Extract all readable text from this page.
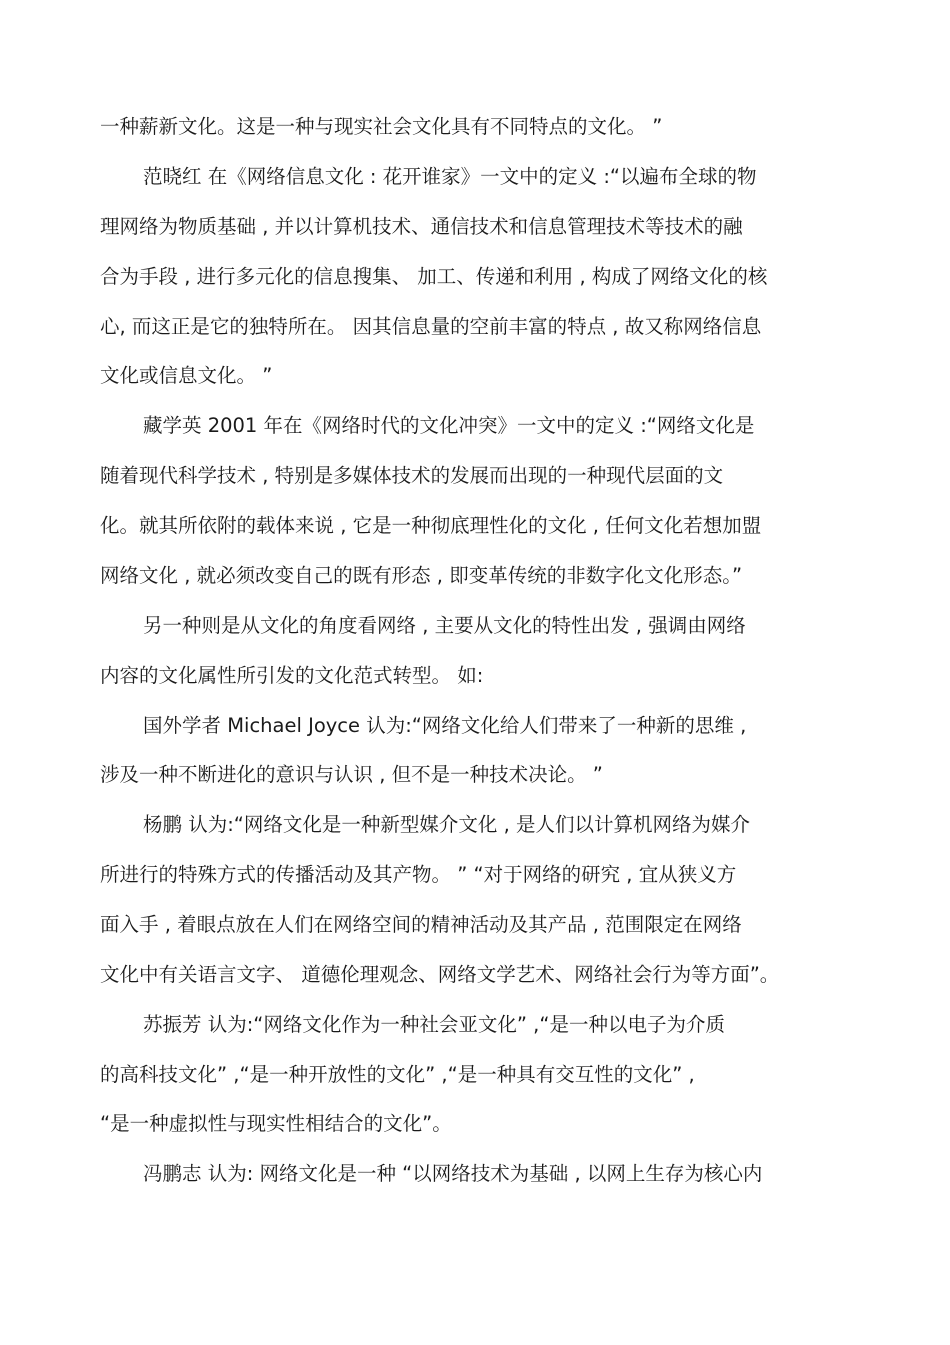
一种薪新文化。这是一种与现实社会文化具有不同特点的文化。 ”
范晓红 在《网络信息文化 : 花开谁家》一文中的定义 :“以遍布全球的物
理网络为物质基础 , 并以计算机技术、通信技术和信息管理技术等技术的融
合为手段 , 进行多元化的信息搜集、 加工、传递和利用 , 构成了网络文化的核
心, 而这正是它的独特所在。 因其信息量的空前丰富的特点 , 故又称网络信息
文化或信息文化。 ”
藏学英 2001 年在《网络时代的文化冲突》一文中的定义 :“网络文化是
随着现代科学技术 , 特别是多媒体技术的发展而出现的一种现代层面的文
化。就其所依附的载体来说 , 它是一种彻底理性化的文化 , 任何文化若想加盟
网络文化 , 就必须改变自己的既有形态 , 即变革传统的非数字化文化形态。”
另一种则是从文化的角度看网络 , 主要从文化的特性出发 , 强调由网络
内容的文化属性所引发的文化范式转型。 如:
国外学者 Michael Joyce 认为:“网络文化给人们带来了一种新的思维 ,
涉及一种不断进化的意识与认识 , 但不是一种技术决论。 ”
杨鹏 认为:“网络文化是一种新型媒介文化 , 是人们以计算机网络为媒介
所进行的特殊方式的传播活动及其产物。 ” “对于网络的研究 , 宜从狭义方
面入手 , 着眼点放在人们在网络空间的精神活动及其产品 , 范围限定在网络
文化中有关语言文字、 道德伦理观念、网络文学艺术、网络社会行为等方面”。
苏振芳 认为:“网络文化作为一种社会亚文化” ,“是一种以电子为介质
的高科技文化” ,“是一种开放性的文化” ,“是一种具有交互性的文化” ,
“是一种虚拟性与现实性相结合的文化”。
冯鹏志 认为: 网络文化是一种 “以网络技术为基础 , 以网上生存为核心内
